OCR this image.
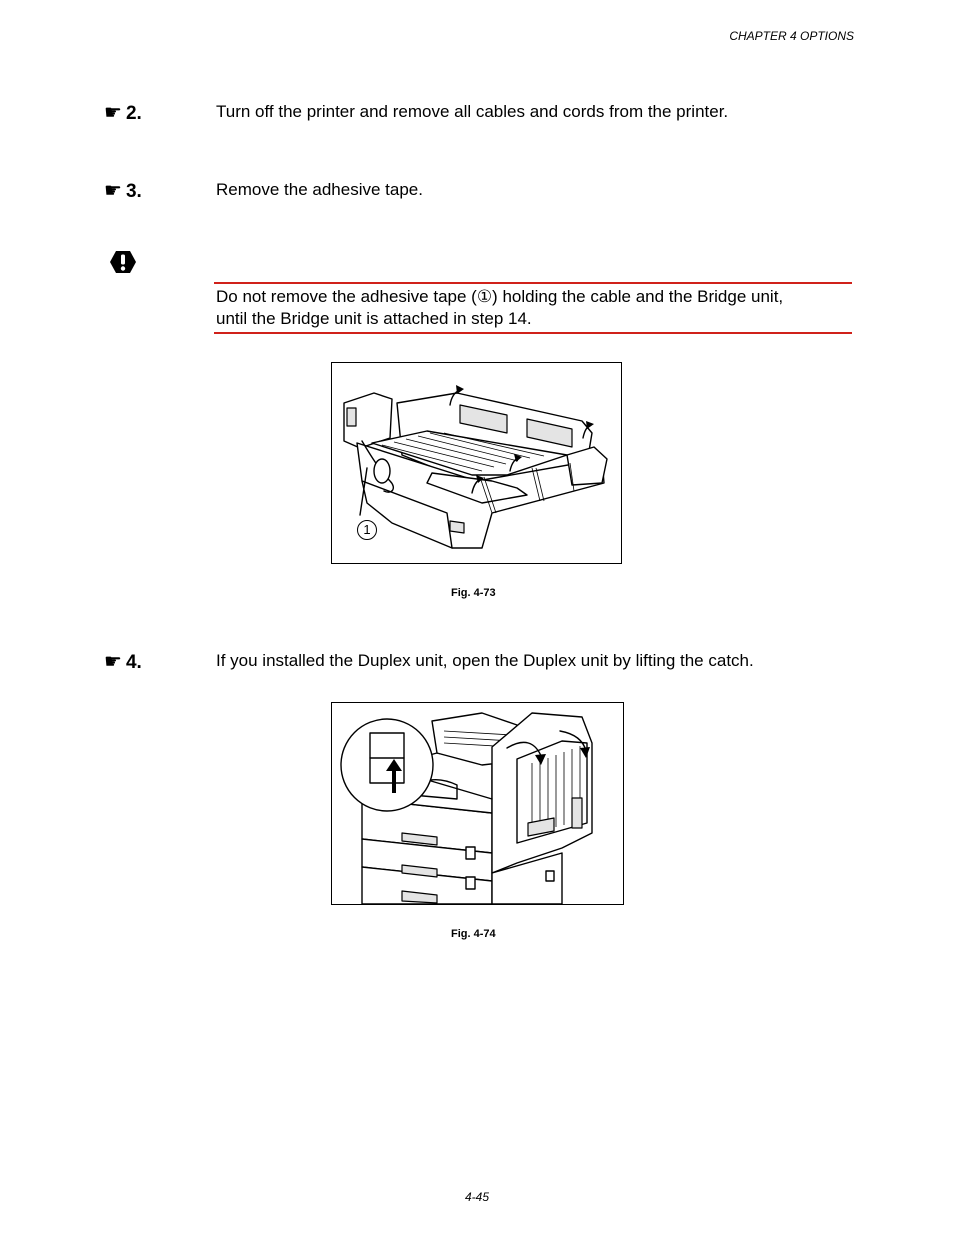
CHAPTER 4 OPTIONS
☛ 2.	Turn off the printer and remove all cables and cords from the printer.
☛ 3.	Remove the adhesive tape.
Do not remove the adhesive tape (①) holding the cable and the Bridge unit,
until the Bridge unit is attached in step 14.
1
Fig. 4-73
☛ 4.	If you installed the Duplex unit, open the Duplex unit by lifting the catch.
Fig. 4-74
4-45
